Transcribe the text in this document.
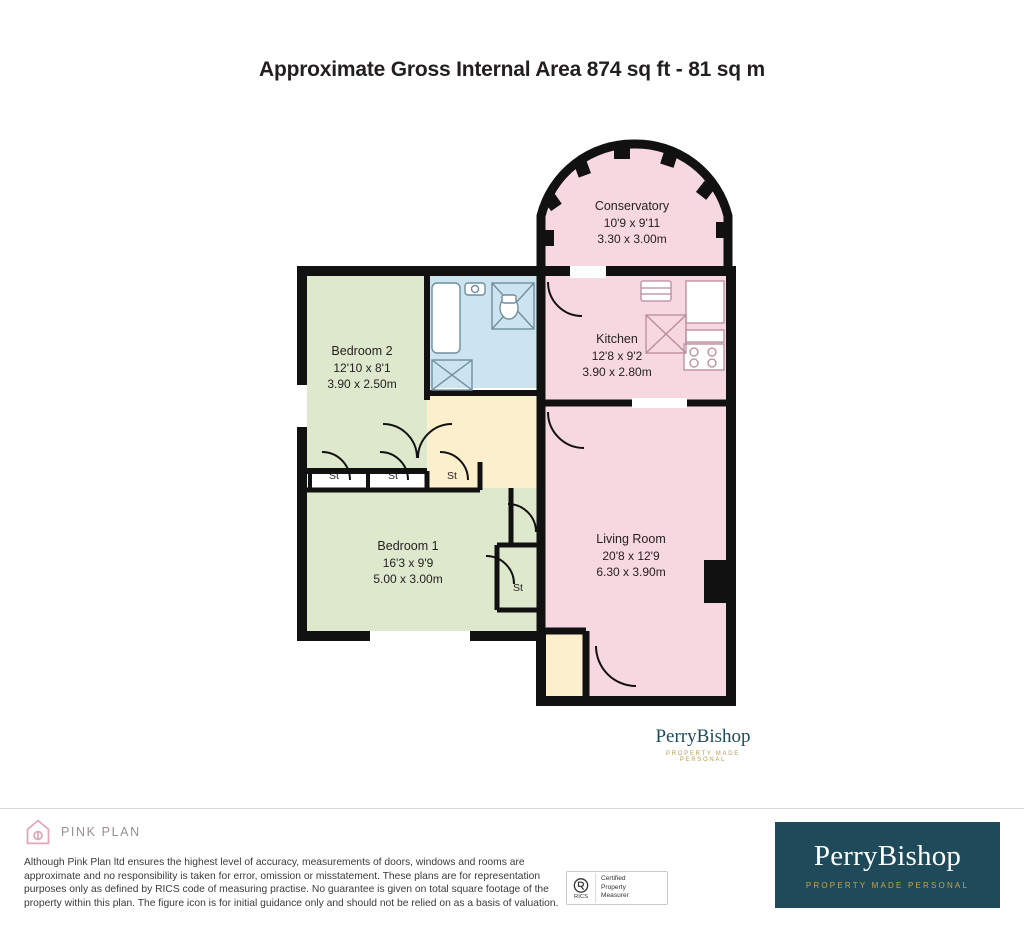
Approximate Gross Internal Area 874 sq ft - 81 sq m
Conservatory
10'9 x 9'11
3.30 x 3.00m
Kitchen
12'8 x 9'2
3.90 x 2.80m
Bedroom 2
12'10 x 8'1
3.90 x 2.50m
Bedroom 1
16'3 x 9'9
5.00 x 3.00m
Living Room
20'8 x 12'9
6.30 x 3.90m
St	St	St
St
PerryBishop
PROPERTY MADE PERSONAL
PINK PLAN
Although Pink Plan ltd ensures the highest level of accuracy, measurements of doors, windows and rooms are approximate and no responsibility is taken for error, omission or misstatement. These plans are for representation purposes only as defined by RICS code of measuring practise. No guarantee is given on total square footage of the property within this plan. The figure icon is for initial guidance only and should not be relied on as a basis of valuation.
RICS
Certified
Property
Measurer
PerryBishop
PROPERTY MADE PERSONAL
